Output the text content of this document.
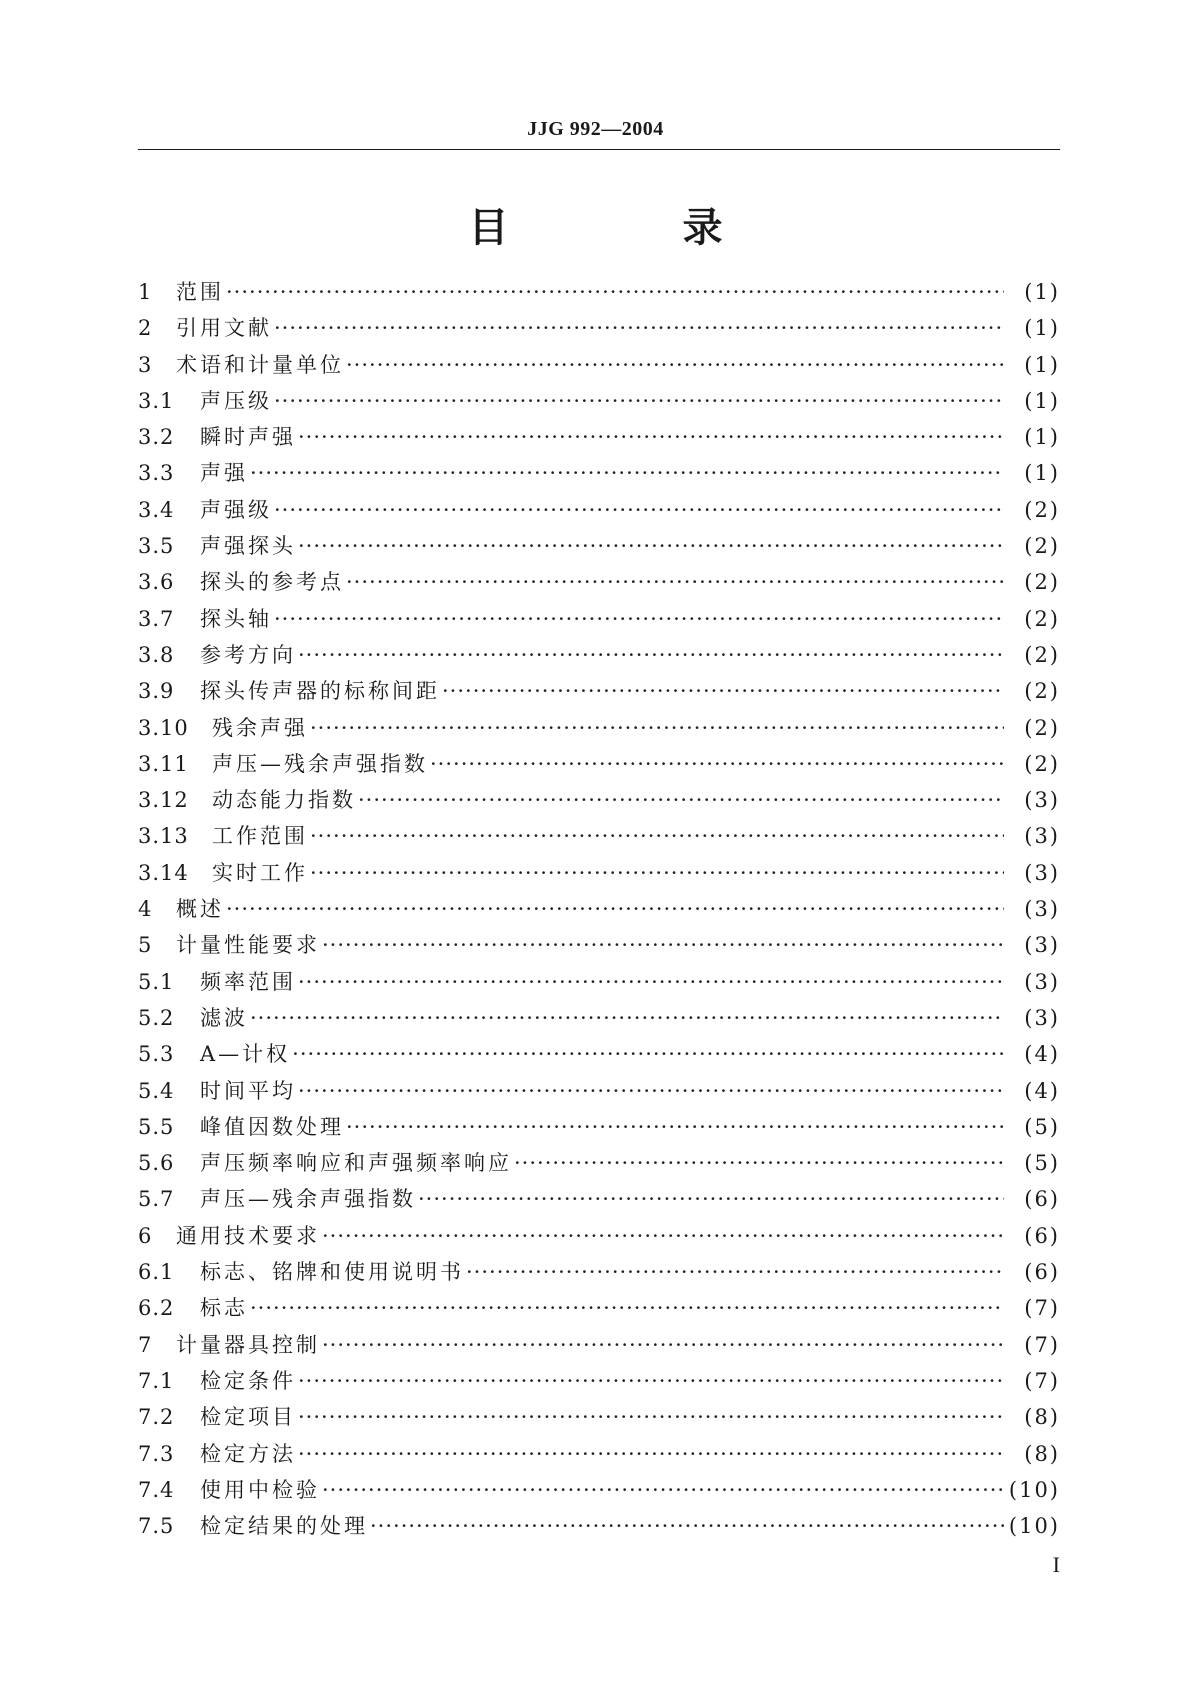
JJG 992—2004
目 录
1	范围 ·····	(1)
2	引用文献 ·····	(1)
3	术语和计量单位 ·····	(1)
3.1	声压级 ·····	(1)
3.2	瞬时声强 ·····	(1)
3.3	声强 ·····	(1)
3.4	声强级 ·····	(2)
3.5	声强探头 ·····	(2)
3.6	探头的参考点 ·····	(2)
3.7	探头轴 ·····	(2)
3.8	参考方向 ·····	(2)
3.9	探头传声器的标称间距 ·····	(2)
3.10	残余声强 ·····	(2)
3.11	声压—残余声强指数 ·····	(2)
3.12	动态能力指数 ·····	(3)
3.13	工作范围 ·····	(3)
3.14	实时工作 ·····	(3)
4	概述 ·····	(3)
5	计量性能要求 ·····	(3)
5.1	频率范围 ·····	(3)
5.2	滤波 ·····	(3)
5.3	A—计权 ·····	(4)
5.4	时间平均 ·····	(4)
5.5	峰值因数处理 ·····	(5)
5.6	声压频率响应和声强频率响应 ·····	(5)
5.7	声压—残余声强指数 ·····	(6)
6	通用技术要求 ·····	(6)
6.1	标志、铭牌和使用说明书 ·····	(6)
6.2	标志 ·····	(7)
7	计量器具控制 ·····	(7)
7.1	检定条件 ·····	(7)
7.2	检定项目 ·····	(8)
7.3	检定方法 ·····	(8)
7.4	使用中检验 ·····	(10)
7.5	检定结果的处理 ·····	(10)
I
